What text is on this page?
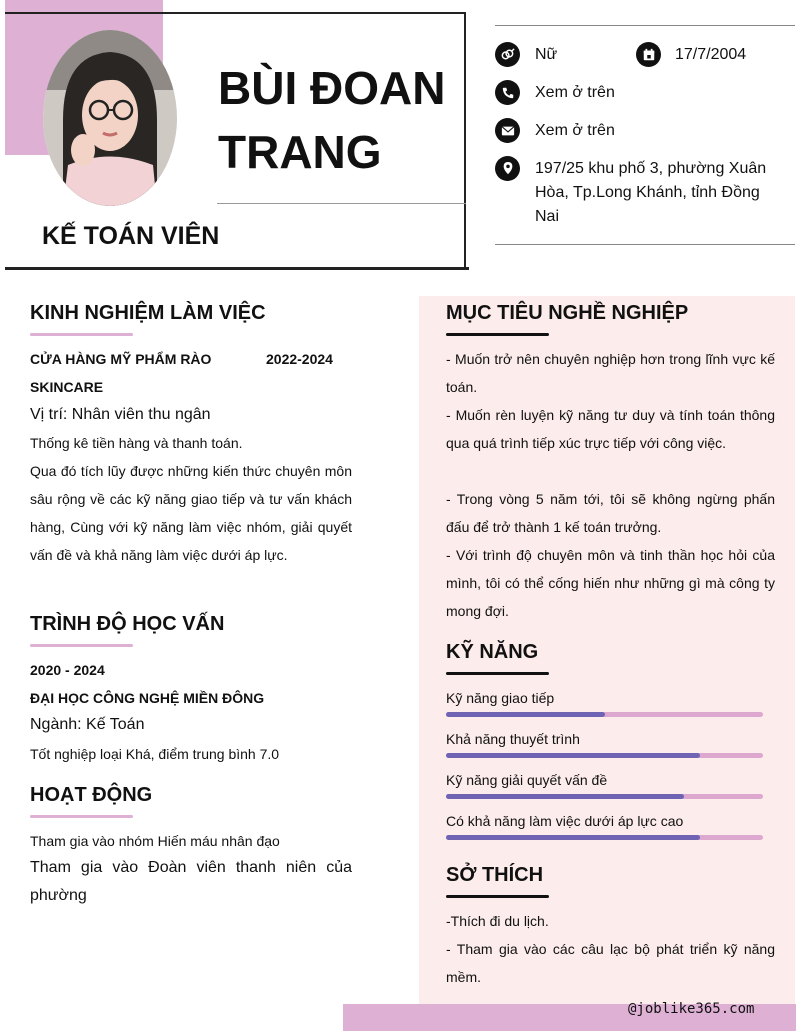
BÙI ĐOAN
TRANG
KẾ TOÁN VIÊN
Nữ	17/7/2004
Xem ở trên
Xem ở trên
197/25 khu phố 3, phường Xuân Hòa, Tp.Long Khánh, tỉnh Đồng Nai
@joblike365.com
KINH NGHIỆM LÀM VIỆC
CỬA HÀNG MỸ PHẨM RÀO SKINCARE
2022-2024
Vị trí: Nhân viên thu ngân
Thống kê tiền hàng và thanh toán.
Qua đó tích lũy được những kiến thức chuyên môn sâu rộng về các kỹ năng giao tiếp và tư vấn khách hàng, Cùng với kỹ năng làm việc nhóm, giải quyết vấn đề và khả năng làm việc dưới áp lực.
TRÌNH ĐỘ HỌC VẤN
2020 - 2024
ĐẠI HỌC CÔNG NGHỆ MIỀN ĐÔNG
Ngành: Kế Toán
Tốt nghiệp loại Khá, điểm trung bình 7.0
HOẠT ĐỘNG
Tham gia vào nhóm Hiến máu nhân đạo
Tham gia vào Đoàn viên thanh niên của phường
MỤC TIÊU NGHỀ NGHIỆP
- Muốn trở nên chuyên nghiệp hơn trong lĩnh vực kế toán.
- Muốn rèn luyện kỹ năng tư duy và tính toán thông qua quá trình tiếp xúc trực tiếp với công việc.
- Trong vòng 5 năm tới, tôi sẽ không ngừng phấn đấu để trở thành 1 kế toán trưởng.
- Với trình độ chuyên môn và tinh thần học hỏi của mình, tôi có thể cống hiến như những gì mà công ty mong đợi.
KỸ NĂNG
Kỹ năng giao tiếp
Khả năng thuyết trình
Kỹ năng giải quyết vấn đề
Có khả năng làm việc dưới áp lực cao
SỞ THÍCH
-Thích đi du lịch.
- Tham gia vào các câu lạc bộ phát triển kỹ năng mềm.
